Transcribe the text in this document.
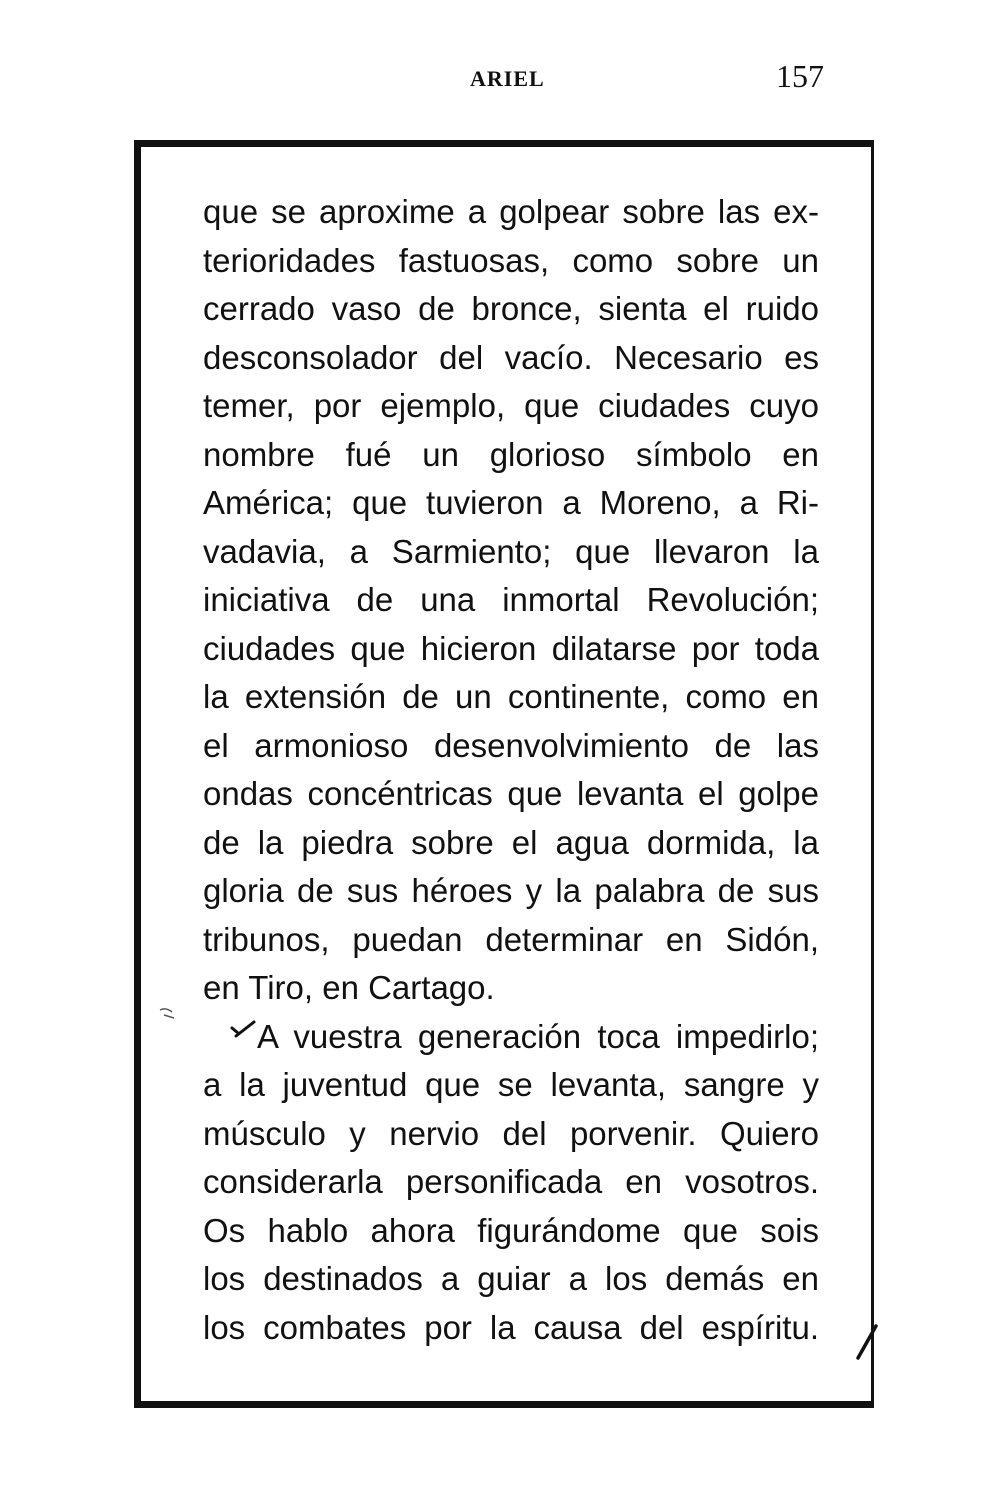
ARIEL	157
que se aproxime a golpear sobre las ex-
terioridades fastuosas, como sobre un
cerrado vaso de bronce, sienta el ruido
desconsolador del vacío. Necesario es
temer, por ejemplo, que ciudades cuyo
nombre fué un glorioso símbolo en
América; que tuvieron a Moreno, a Ri-
vadavia, a Sarmiento; que llevaron la
iniciativa de una inmortal Revolución;
ciudades que hicieron dilatarse por toda
la extensión de un continente, como en
el armonioso desenvolvimiento de las
ondas concéntricas que levanta el golpe
de la piedra sobre el agua dormida, la
gloria de sus héroes y la palabra de sus
tribunos, puedan determinar en Sidón,
en Tiro, en Cartago.
A vuestra generación toca impedirlo;
a la juventud que se levanta, sangre y
músculo y nervio del porvenir. Quiero
considerarla personificada en vosotros.
Os hablo ahora figurándome que sois
los destinados a guiar a los demás en
los combates por la causa del espíritu.
